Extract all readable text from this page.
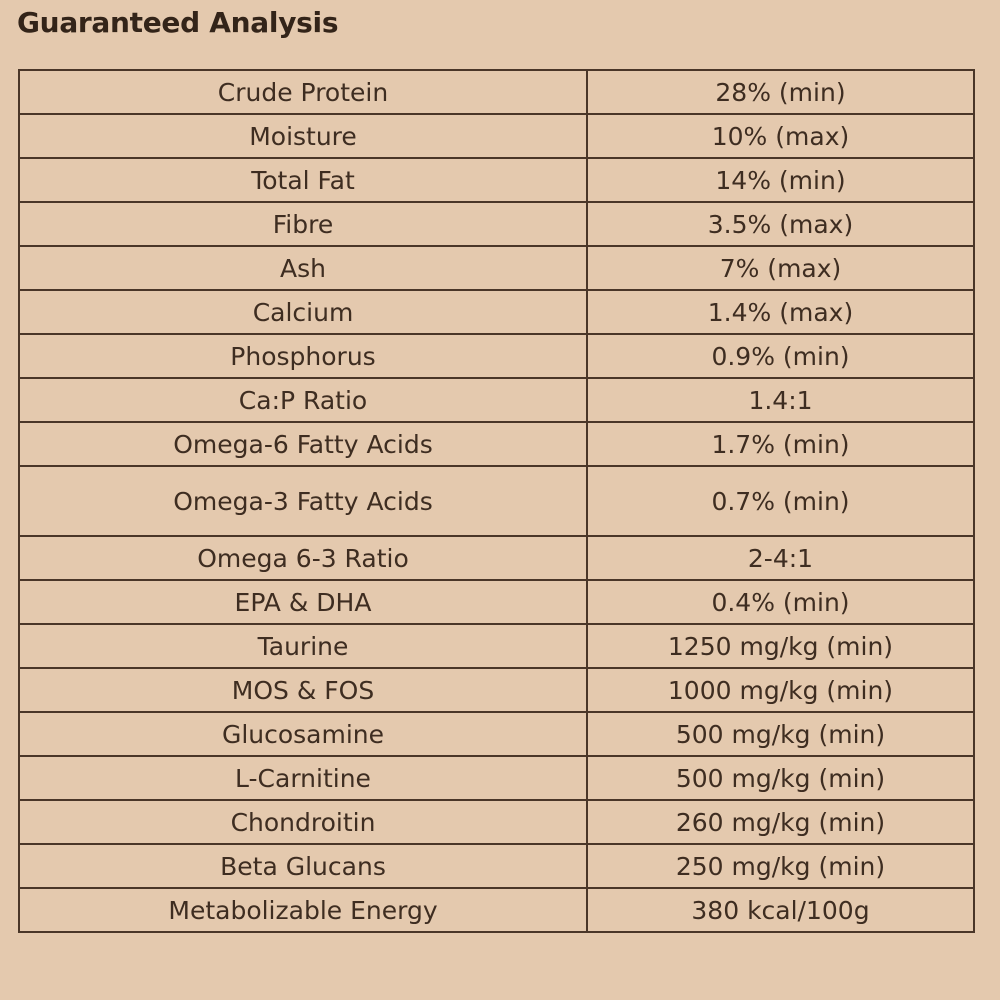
Guaranteed Analysis
Crude Protein	28% (min)
Moisture	10% (max)
Total Fat	14% (min)
Fibre	3.5% (max)
Ash	7% (max)
Calcium	1.4% (max)
Phosphorus	0.9% (min)
Ca:P Ratio	1.4:1
Omega-6 Fatty Acids	1.7% (min)
Omega-3 Fatty Acids	0.7% (min)
Omega 6-3 Ratio	2-4:1
EPA & DHA	0.4% (min)
Taurine	1250 mg/kg (min)
MOS & FOS	1000 mg/kg (min)
Glucosamine	500 mg/kg (min)
L-Carnitine	500 mg/kg (min)
Chondroitin	260 mg/kg (min)
Beta Glucans	250 mg/kg (min)
Metabolizable Energy	380 kcal/100g
